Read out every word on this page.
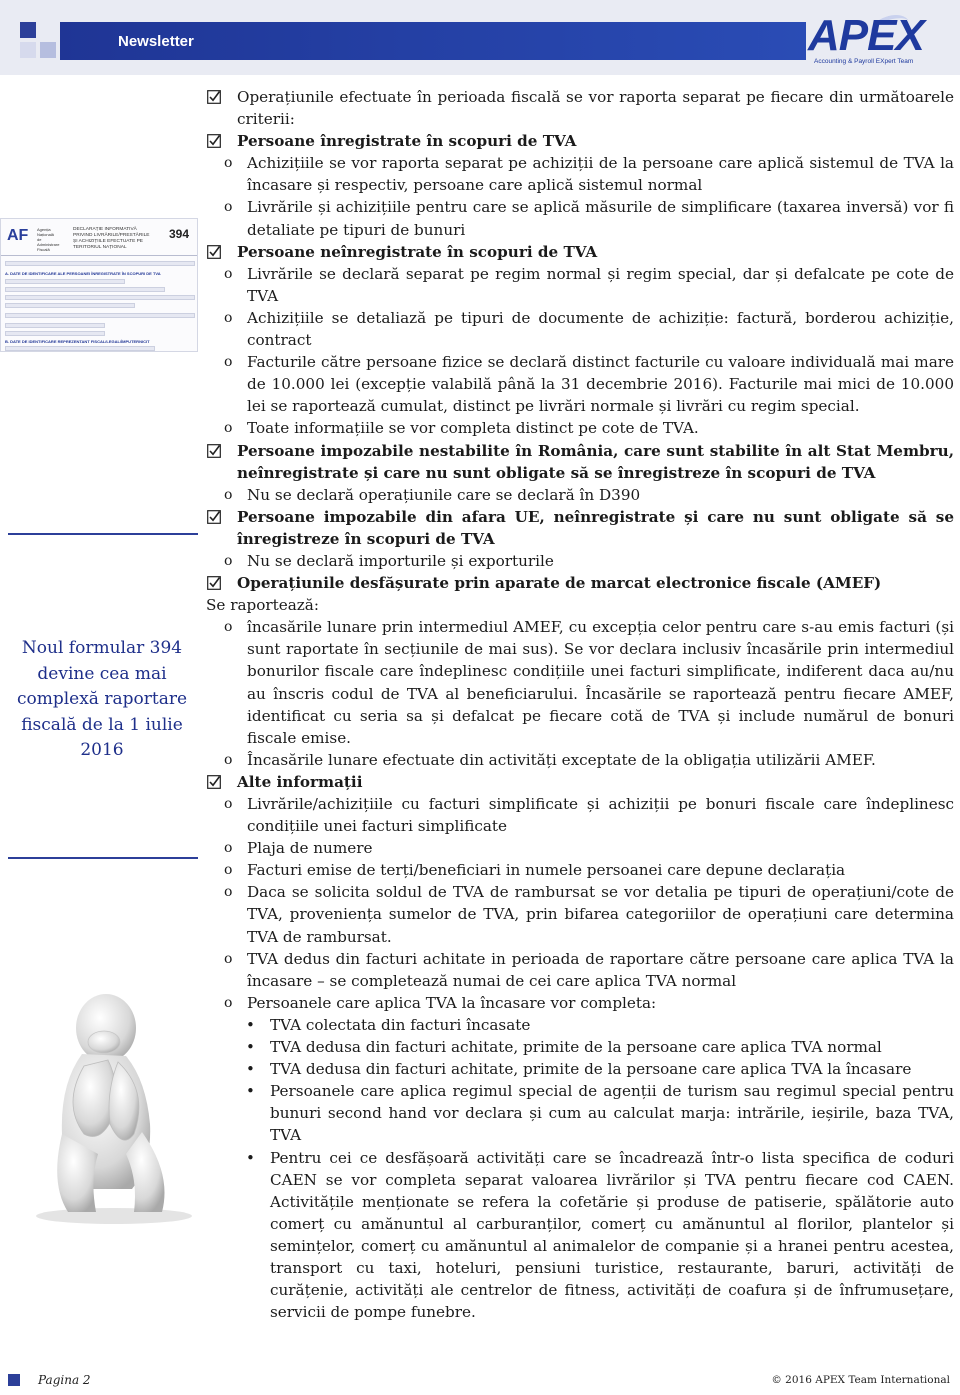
Newsletter	APEX
Accounting & Payroll EXpert Team
AF Agenția Națională de Administrare Fiscală
DECLARAȚIE INFORMATIVĂ PRIVIND LIVRĂRILE/PRESTĂRILE ȘI ACHIZIȚIILE EFECTUATE PE TERITORIUL NAȚIONAL
394
A. DATE DE IDENTIFICARE ALE PERSOANEI ÎNREGISTRATE ÎN SCOPURI DE TVA
B. DATE DE IDENTIFICARE REPREZENTANT FISCAL/LEGAL/ÎMPUTERNICIT
Noul formular 394 devine cea mai complexă raportare fiscală de la 1 iulie 2016
Operațiunile efectuate în perioada fiscală se vor raporta separat pe fiecare din următoarele criterii:
Persoane înregistrate în scopuri de TVA
o Achizițiile se vor raporta separat pe achiziții de la persoane care aplică sistemul de TVA la încasare și respectiv, persoane care aplică sistemul normal
o Livrările și achizițiile pentru care se aplică măsurile de simplificare (taxarea inversă) vor fi detaliate pe tipuri de bunuri
Persoane neînregistrate în scopuri de TVA
o Livrările se declară separat pe regim normal și regim special, dar și defalcate pe cote de TVA
o Achizițiile se detaliază pe tipuri de documente de achiziție: factură, borderou achiziție, contract
o Facturile către persoane fizice se declară distinct facturile cu valoare individuală mai mare de 10.000 lei (excepție valabilă până la 31 decembrie 2016). Facturile mai mici de 10.000 lei se raportează cumulat, distinct pe livrări normale și livrări cu regim special.
o Toate informațiile se vor completa distinct pe cote de TVA.
Persoane impozabile nestabilite în România, care sunt stabilite în alt Stat Membru, neînregistrate și care nu sunt obligate să se înregistreze în scopuri de TVA
o Nu se declară operațiunile care se declară în D390
Persoane impozabile din afara UE, neînregistrate și care nu sunt obligate să se înregistreze în scopuri de TVA
o Nu se declară importurile și exporturile
Operațiunile desfășurate prin aparate de marcat electronice fiscale (AMEF)
Se raportează:
o încasările lunare prin intermediul AMEF, cu excepția celor pentru care s-au emis facturi (și sunt raportate în secțiunile de mai sus). Se vor declara inclusiv încasările prin intermediul bonurilor fiscale care îndeplinesc condițiile unei facturi simplificate, indiferent daca au/nu au înscris codul de TVA al beneficiarului. Încasările se raportează pentru fiecare AMEF, identificat cu seria sa și defalcat pe fiecare cotă de TVA și include numărul de bonuri fiscale emise.
o Încasările lunare efectuate din activități exceptate de la obligația utilizării AMEF.
Alte informații
o Livrările/achizițiile cu facturi simplificate și achiziții pe bonuri fiscale care îndeplinesc condițiile unei facturi simplificate
o Plaja de numere
o Facturi emise de terți/beneficiari in numele persoanei care depune declarația
o Daca se solicita soldul de TVA de rambursat se vor detalia pe tipuri de operațiuni/cote de TVA, proveniența sumelor de TVA, prin bifarea categoriilor de operațiuni care determina TVA de rambursat.
o TVA dedus din facturi achitate in perioada de raportare către persoane care aplica TVA la încasare – se completează numai de cei care aplica TVA normal
o Persoanele care aplica TVA la încasare vor completa:
• TVA colectata din facturi încasate
• TVA dedusa din facturi achitate, primite de la persoane care aplica TVA normal
• TVA dedusa din facturi achitate, primite de la persoane care aplica TVA la încasare
• Persoanele care aplica regimul special de agenții de turism sau regimul special pentru bunuri second hand vor declara și cum au calculat marja: intrările, ieșirile, baza TVA, TVA
• Pentru cei ce desfășoară activități care se încadrează într-o lista specifica de coduri CAEN se vor completa separat valoarea livrărilor și TVA pentru fiecare cod CAEN. Activitățile menționate se refera la cofetărie și produse de patiserie, spălătorie auto comerț cu amănuntul al carburanților, comerț cu amănuntul al florilor, plantelor și semințelor, comerț cu amănuntul al animalelor de companie și a hranei pentru acestea, transport cu taxi, hoteluri, pensiuni turistice, restaurante, baruri, activități de curățenie, activități ale centrelor de fitness, activități de coafura și de înfrumusețare, servicii de pompe funebre.
Pagina 2	© 2016 APEX Team International
